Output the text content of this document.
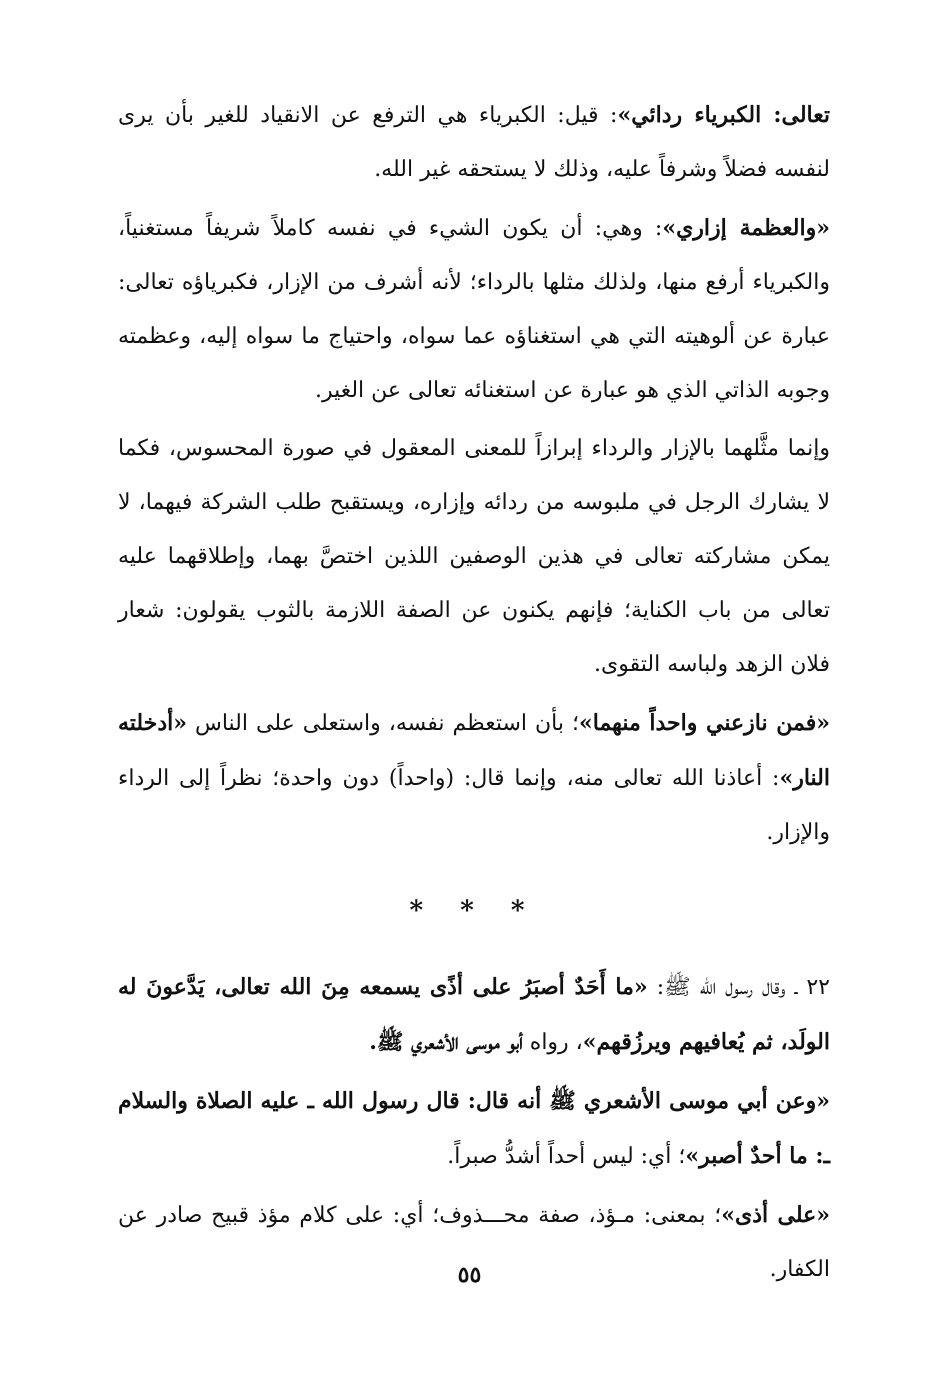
تعالى: الكبرياء ردائي»: قيل: الكبرياء هي الترفع عن الانقياد للغير بأن يرى لنفسه فضلاً وشرفاً عليه، وذلك لا يستحقه غير الله.

«والعظمة إزاري»: وهي: أن يكون الشيء في نفسه كاملاً شريفاً مستغنياً، والكبرياء أرفع منها، ولذلك مثلها بالرداء؛ لأنه أشرف من الإزار، فكبرياؤه تعالى: عبارة عن ألوهيته التي هي استغناؤه عما سواه، واحتياج ما سواه إليه، وعظمته وجوبه الذاتي الذي هو عبارة عن استغنائه تعالى عن الغير.

وإنما مثَّلهما بالإزار والرداء إبرازاً للمعنى المعقول في صورة المحسوس، فكما لا يشارك الرجل في ملبوسه من ردائه وإزاره، ويستقبح طلب الشركة فيهما، لا يمكن مشاركته تعالى في هذين الوصفين اللذين اختصَّ بهما، وإطلاقهما عليه تعالى من باب الكناية؛ فإنهم يكنون عن الصفة اللازمة بالثوب يقولون: شعار فلان الزهد ولباسه التقوى.

«فمن نازعني واحداً منهما»؛ بأن استعظم نفسه، واستعلى على الناس «أدخلته النار»: أعاذنا الله تعالى منه، وإنما قال: (واحداً) دون واحدة؛ نظراً إلى الرداء والإزار.

* * *

٢٢ ـ وقال رسول الله ﷺ: «ما أَحَدٌ أصبَرُ على أذًى يسمعه مِنَ الله تعالى، يَدَّعونَ له الولَد، ثم يُعافيهم ويرزُقهم»، رواه أبو موسى الأشعري ﷺ.

«وعن أبي موسى الأشعري ﷺ أنه قال: قال رسول الله ـ عليه الصلاة والسلام ـ: ما أحدٌ أصبر»؛ أي: ليس أحداً أشدُّ صبراً.

«على أذى»؛ بمعنى: مـؤذ، صفة محـــذوف؛ أي: على كلام مؤذ قبيح صادر عن الكفار.

٥٥
